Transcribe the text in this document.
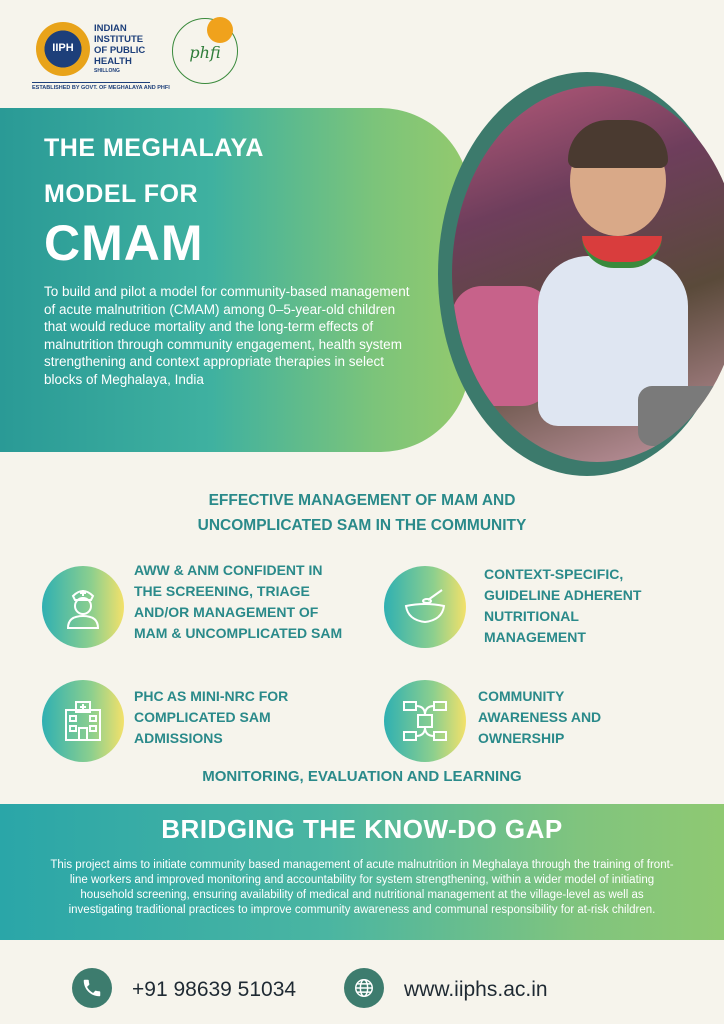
IIPH
INDIAN INSTITUTE OF PUBLIC HEALTH
SHILLONG
ESTABLISHED BY GOVT. OF MEGHALAYA AND PHFI
phfi
THE MEGHALAYA
MODEL FOR
CMAM
To build and pilot a model for community-based management of acute malnutrition (CMAM) among 0–5-year-old children that would reduce mortality and the long-term effects of malnutrition through community engagement, health system strengthening and context appropriate therapies in select blocks of Meghalaya, India
EFFECTIVE MANAGEMENT OF MAM AND
UNCOMPLICATED SAM IN THE COMMUNITY
AWW & ANM CONFIDENT IN
THE SCREENING, TRIAGE
AND/OR MANAGEMENT OF
MAM & UNCOMPLICATED SAM
CONTEXT-SPECIFIC,
GUIDELINE ADHERENT
NUTRITIONAL
MANAGEMENT
PHC AS MINI-NRC FOR
COMPLICATED SAM
ADMISSIONS
COMMUNITY
AWARENESS AND
OWNERSHIP
MONITORING, EVALUATION AND LEARNING
BRIDGING THE KNOW-DO GAP
This project aims to initiate community based management of acute malnutrition in Meghalaya through the training of front-line workers and improved monitoring and accountability for system strengthening, within a wider model of initiating household screening, ensuring availability of medical and nutritional management at the village-level as well as investigating traditional practices to improve community awareness and communal responsibility for at-risk children.
+91 98639 51034	www.iiphs.ac.in
